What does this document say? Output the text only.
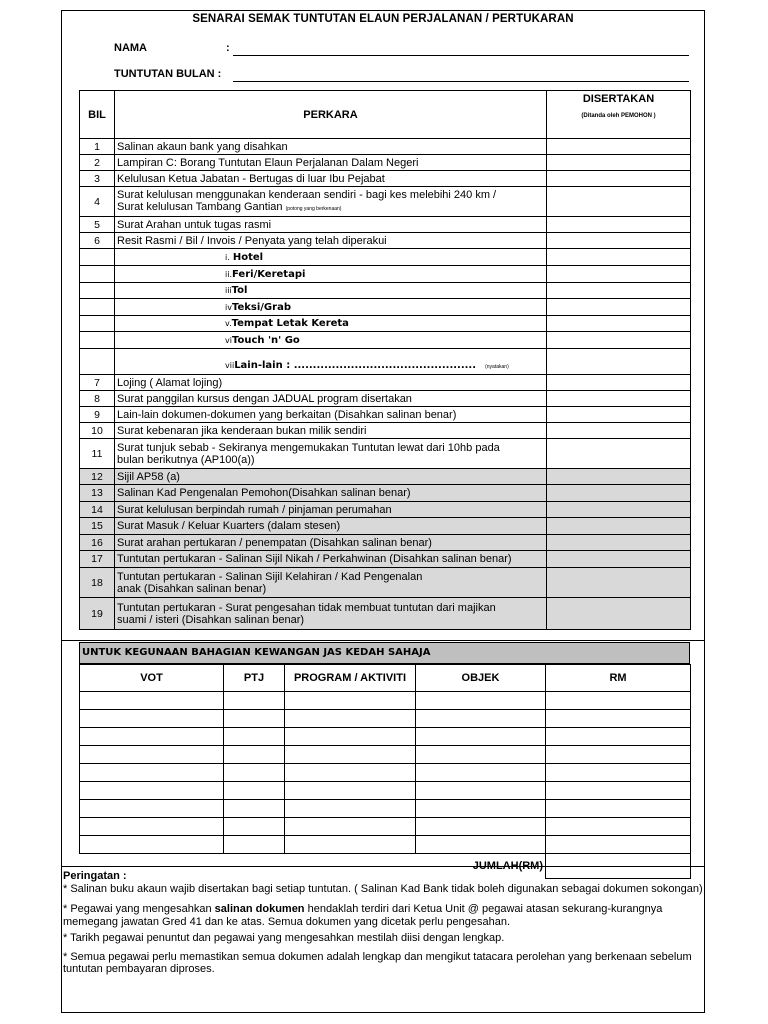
SENARAI SEMAK TUNTUTAN ELAUN PERJALANAN / PERTUKARAN
NAMA	:
TUNTUTAN BULAN :
BIL	PERKARA	DISERTAKAN
(Ditanda oleh PEMOHON )

1	Salinan akaun bank yang disahkan	
2	Lampiran C: Borang Tuntutan Elaun Perjalanan Dalam Negeri	
3	Kelulusan Ketua Jabatan - Bertugas di luar Ibu Pejabat	
4	Surat kelulusan menggunakan kenderaan sendiri - bagi kes melebihi 240 km /
Surat kelulusan Tambang Gantian (potong yang berkenaan)	

5	Surat Arahan untuk tugas rasmi	
6	Resit Rasmi / Bil / Invois / Penyata yang telah diperakui	
	i. Hotel	
	ii.Feri/Keretapi	
	iiiTol	
	ivTeksi/Grab	
	v.Tempat Letak Kereta	
	viTouch 'n' Go	
	viiLain-lain : ................................................ (nyatakan)	
7	Lojing ( Alamat lojing)	
8	Surat panggilan kursus dengan JADUAL program disertakan	
9	Lain-lain dokumen-dokumen yang berkaitan (Disahkan salinan benar)	
10	Surat kebenaran jika kenderaan bukan milik sendiri	
11	Surat tunjuk sebab - Sekiranya mengemukakan Tuntutan lewat dari 10hb pada
bulan berikutnya (AP100(a))	

12	Sijil AP58 (a)	
13	Salinan Kad Pengenalan Pemohon(Disahkan salinan benar)	
14	Surat kelulusan berpindah rumah / pinjaman perumahan	
15	Surat Masuk / Keluar Kuarters (dalam stesen)	
16	Surat arahan pertukaran / penempatan (Disahkan salinan benar)	
17	Tuntutan pertukaran - Salinan Sijil Nikah / Perkahwinan (Disahkan salinan benar)	
18	Tuntutan pertukaran - Salinan Sijil Kelahiran / Kad Pengenalan
anak (Disahkan salinan benar)	

19	Tuntutan pertukaran - Surat pengesahan tidak membuat tuntutan dari majikan
suami / isteri (Disahkan salinan benar)	

UNTUK KEGUNAAN BAHAGIAN KEWANGAN JAS KEDAH SAHAJA
VOT	PTJ	PROGRAM / AKTIVITI	OBJEK	RM

JUMLAH(RM)				

Peringatan :

* Salinan buku akaun wajib disertakan bagi setiap tuntutan. ( Salinan Kad Bank tidak boleh digunakan sebagai dokumen sokongan)

* Pegawai yang mengesahkan salinan dokumen hendaklah terdiri dari Ketua Unit @ pegawai atasan sekurang-kurangnya memegang jawatan Gred 41 dan ke atas. Semua dokumen yang dicetak perlu pengesahan.

* Tarikh pegawai penuntut dan pegawai yang mengesahkan mestilah diisi dengan lengkap.

* Semua pegawai perlu memastikan semua dokumen adalah lengkap dan mengikut tatacara perolehan yang berkenaan sebelum tuntutan pembayaran diproses.
